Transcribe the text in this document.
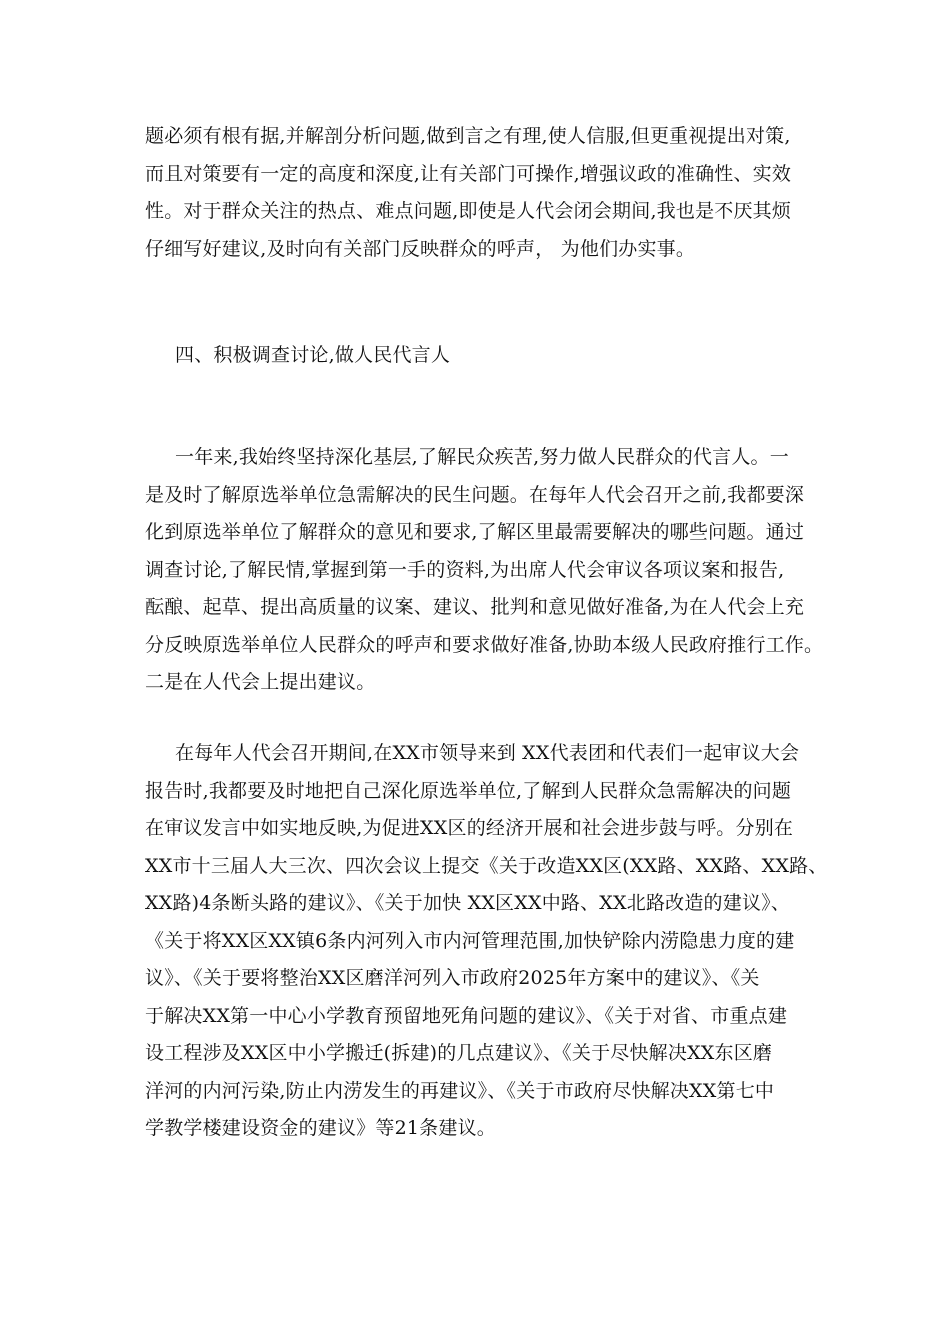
题必须有根有据,并解剖分析问题,做到言之有理,使人信服,但更重视提出对策,
而且对策要有一定的高度和深度,让有关部门可操作,增强议政的准确性、实效
性。对于群众关注的热点、难点问题,即使是人代会闭会期间,我也是不厌其烦
仔细写好建议,及时向有关部门反映群众的呼声， 为他们办实事。
四、积极调查讨论,做人民代言人
一年来,我始终坚持深化基层,了解民众疾苦,努力做人民群众的代言人。一
是及时了解原选举单位急需解决的民生问题。在每年人代会召开之前,我都要深
化到原选举单位了解群众的意见和要求,了解区里最需要解决的哪些问题。通过
调查讨论,了解民情,掌握到第一手的资料,为出席人代会审议各项议案和报告,
酝酿、起草、提出高质量的议案、建议、批判和意见做好准备,为在人代会上充
分反映原选举单位人民群众的呼声和要求做好准备,协助本级人民政府推行工作。
二是在人代会上提出建议。
在每年人代会召开期间,在XX市领导来到 XX代表团和代表们一起审议大会
报告时,我都要及时地把自己深化原选举单位,了解到人民群众急需解决的问题
在审议发言中如实地反映,为促进XX区的经济开展和社会进步鼓与呼。分别在
XX市十三届人大三次、四次会议上提交《关于改造XX区(XX路、XX路、XX路、
XX路)4条断头路的建议》、《关于加快 XX区XX中路、XX北路改造的建议》、
《关于将XX区XX镇6条内河列入市内河管理范围,加快铲除内涝隐患力度的建
议》、《关于要将整治XX区磨洋河列入市政府2025年方案中的建议》、《关
于解决XX第一中心小学教育预留地死角问题的建议》、《关于对省、市重点建
设工程涉及XX区中小学搬迁(拆建)的几点建议》、《关于尽快解决XX东区磨
洋河的内河污染,防止内涝发生的再建议》、《关于市政府尽快解决XX第七中
学教学楼建设资金的建议》等21条建议。
